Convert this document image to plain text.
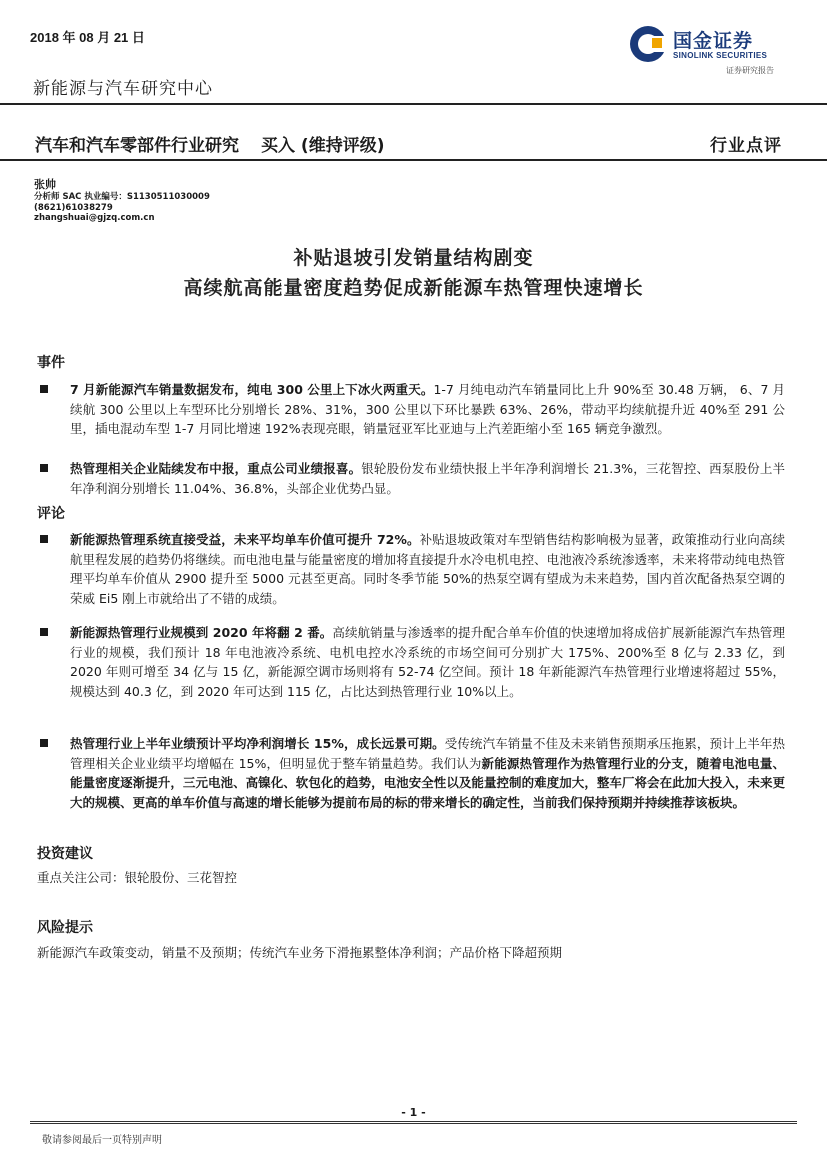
2018 年 08 月 21 日
新能源与汽车研究中心
国金证券
SINOLINK SECURITIES
证券研究报告
汽车和汽车零部件行业研究 买入 (维持评级)	行业点评
张帅
分析师 SAC 执业编号：S1130511030009
(8621)61038279
zhangshuai@gjzq.com.cn
补贴退坡引发销量结构剧变
高续航高能量密度趋势促成新能源车热管理快速增长
事件
7 月新能源汽车销量数据发布，纯电 300 公里上下冰火两重天。1-7 月纯电动汽车销量同比上升 90%至 30.48 万辆， 6、7 月续航 300 公里以上车型环比分别增长 28%、31%，300 公里以下环比暴跌 63%、26%，带动平均续航提升近 40%至 291 公里，插电混动车型 1-7 月同比增速 192%表现亮眼，销量冠亚军比亚迪与上汽差距缩小至 165 辆竞争激烈。
热管理相关企业陆续发布中报，重点公司业绩报喜。银轮股份发布业绩快报上半年净利润增长 21.3%，三花智控、西泵股份上半年净利润分别增长 11.04%、36.8%，头部企业优势凸显。
评论
新能源热管理系统直接受益，未来平均单车价值可提升 72%。补贴退坡政策对车型销售结构影响极为显著，政策推动行业向高续航里程发展的趋势仍将继续。而电池电量与能量密度的增加将直接提升水冷电机电控、电池液冷系统渗透率，未来将带动纯电热管理平均单车价值从 2900 提升至 5000 元甚至更高。同时冬季节能 50%的热泵空调有望成为未来趋势，国内首次配备热泵空调的荣威 Ei5 刚上市就给出了不错的成绩。
新能源热管理行业规模到 2020 年将翻 2 番。高续航销量与渗透率的提升配合单车价值的快速增加将成倍扩展新能源汽车热管理行业的规模，我们预计 18 年电池液冷系统、电机电控水冷系统的市场空间可分别扩大 175%、200%至 8 亿与 2.33 亿，到 2020 年则可增至 34 亿与 15 亿，新能源空调市场则将有 52-74 亿空间。预计 18 年新能源汽车热管理行业增速将超过 55%，规模达到 40.3 亿，到 2020 年可达到 115 亿，占比达到热管理行业 10%以上。
热管理行业上半年业绩预计平均净利润增长 15%，成长远景可期。受传统汽车销量不佳及未来销售预期承压拖累，预计上半年热管理相关企业业绩平均增幅在 15%，但明显优于整车销量趋势。我们认为新能源热管理作为热管理行业的分支，随着电池电量、能量密度逐渐提升，三元电池、高镍化、软包化的趋势，电池安全性以及能量控制的难度加大，整车厂将会在此加大投入，未来更大的规模、更高的单车价值与高速的增长能够为提前布局的标的带来增长的确定性，当前我们保持预期并持续推荐该板块。
投资建议
重点关注公司：银轮股份、三花智控
风险提示
新能源汽车政策变动，销量不及预期；传统汽车业务下滑拖累整体净利润；产品价格下降超预期
- 1 -
敬请参阅最后一页特别声明
